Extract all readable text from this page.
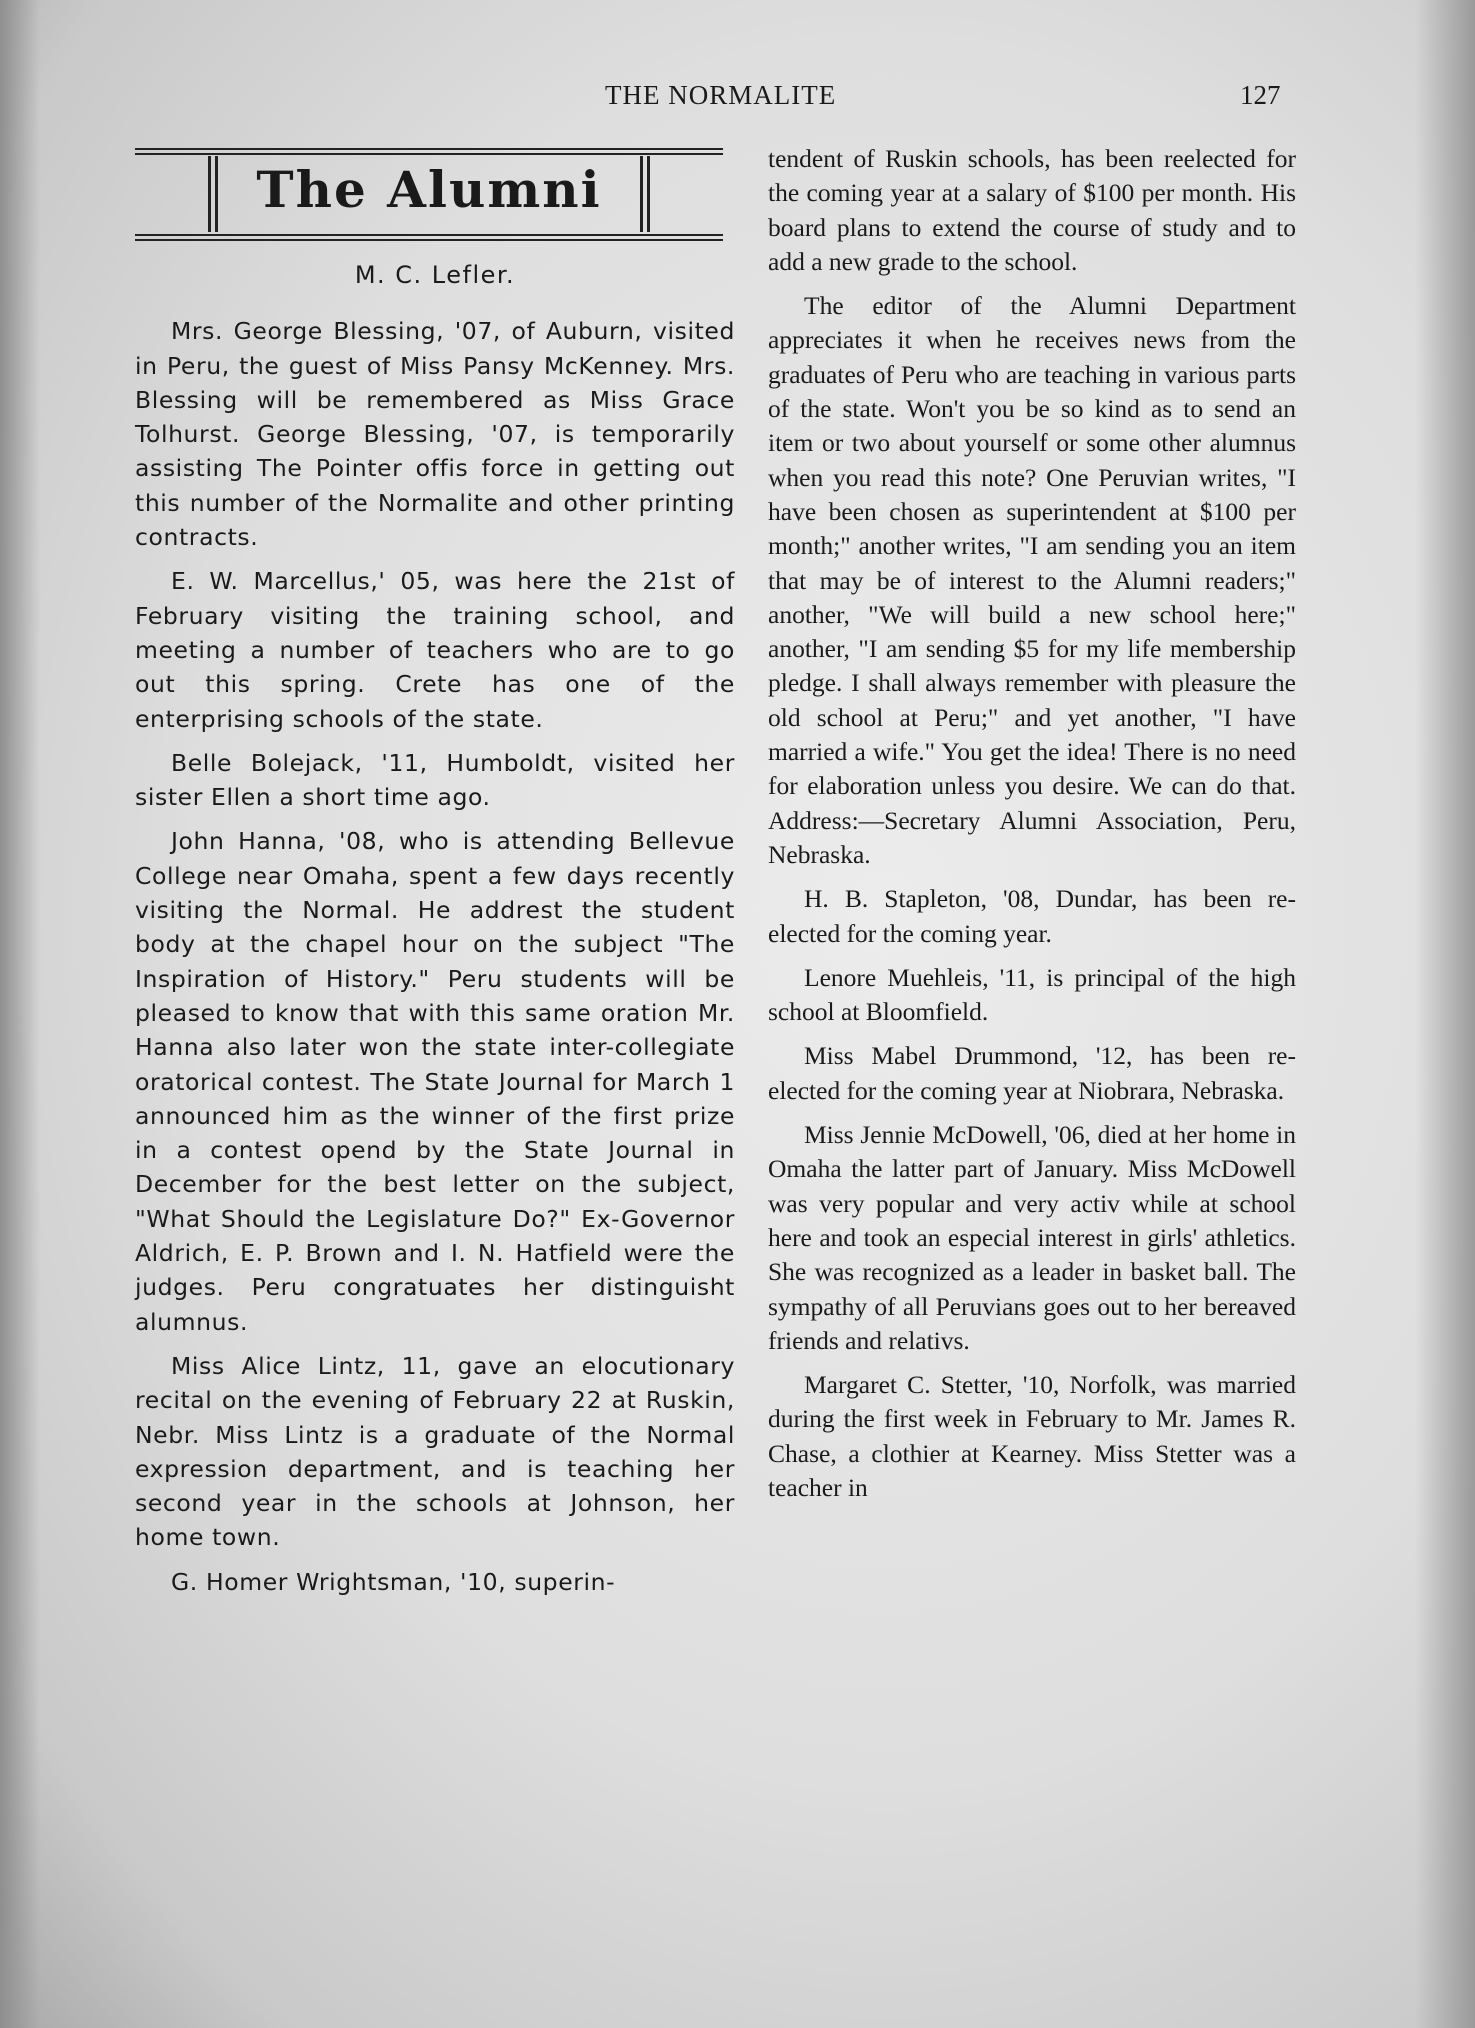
THE NORMALITE	127
The Alumni
M. C. Lefler.

Mrs. George Blessing, '07, of Auburn, visited in Peru, the guest of Miss Pansy McKenney. Mrs. Blessing will be remembered as Miss Grace Tolhurst. George Blessing, '07, is temporarily assisting The Pointer offis force in getting out this number of the Normalite and other printing contracts.

E. W. Marcellus,' 05, was here the 21st of February visiting the training school, and meeting a number of teachers who are to go out this spring. Crete has one of the enterprising schools of the state.

Belle Bolejack, '11, Humboldt, visited her sister Ellen a short time ago.

John Hanna, '08, who is attending Bellevue College near Omaha, spent a few days recently visiting the Normal. He addrest the student body at the chapel hour on the subject "The Inspiration of History." Peru students will be pleased to know that with this same oration Mr. Hanna also later won the state inter-collegiate oratorical contest. The State Journal for March 1 announced him as the winner of the first prize in a contest opend by the State Journal in December for the best letter on the subject, "What Should the Legislature Do?" Ex-Governor Aldrich, E. P. Brown and I. N. Hatfield were the judges. Peru congratuates her distinguisht alumnus.

Miss Alice Lintz, 11, gave an elocutionary recital on the evening of February 22 at Ruskin, Nebr. Miss Lintz is a graduate of the Normal expression department, and is teaching her second year in the schools at Johnson, her home town.

G. Homer Wrightsman, '10, superin-

tendent of Ruskin schools, has been reelected for the coming year at a salary of $100 per month. His board plans to extend the course of study and to add a new grade to the school.

The editor of the Alumni Department appreciates it when he receives news from the graduates of Peru who are teaching in various parts of the state. Won't you be so kind as to send an item or two about yourself or some other alumnus when you read this note? One Peruvian writes, "I have been chosen as superintendent at $100 per month;" another writes, "I am sending you an item that may be of interest to the Alumni readers;" another, "We will build a new school here;" another, "I am sending $5 for my life membership pledge. I shall always remember with pleasure the old school at Peru;" and yet another, "I have married a wife." You get the idea! There is no need for elaboration unless you desire. We can do that. Address:—Secretary Alumni Association, Peru, Nebraska.

H. B. Stapleton, '08, Dundar, has been re-elected for the coming year.

Lenore Muehleis, '11, is principal of the high school at Bloomfield.

Miss Mabel Drummond, '12, has been re-elected for the coming year at Niobrara, Nebraska.

Miss Jennie McDowell, '06, died at her home in Omaha the latter part of January. Miss McDowell was very popular and very activ while at school here and took an especial interest in girls' athletics. She was recognized as a leader in basket ball. The sympathy of all Peruvians goes out to her bereaved friends and relativs.

Margaret C. Stetter, '10, Norfolk, was married during the first week in February to Mr. James R. Chase, a clothier at Kearney. Miss Stetter was a teacher in
